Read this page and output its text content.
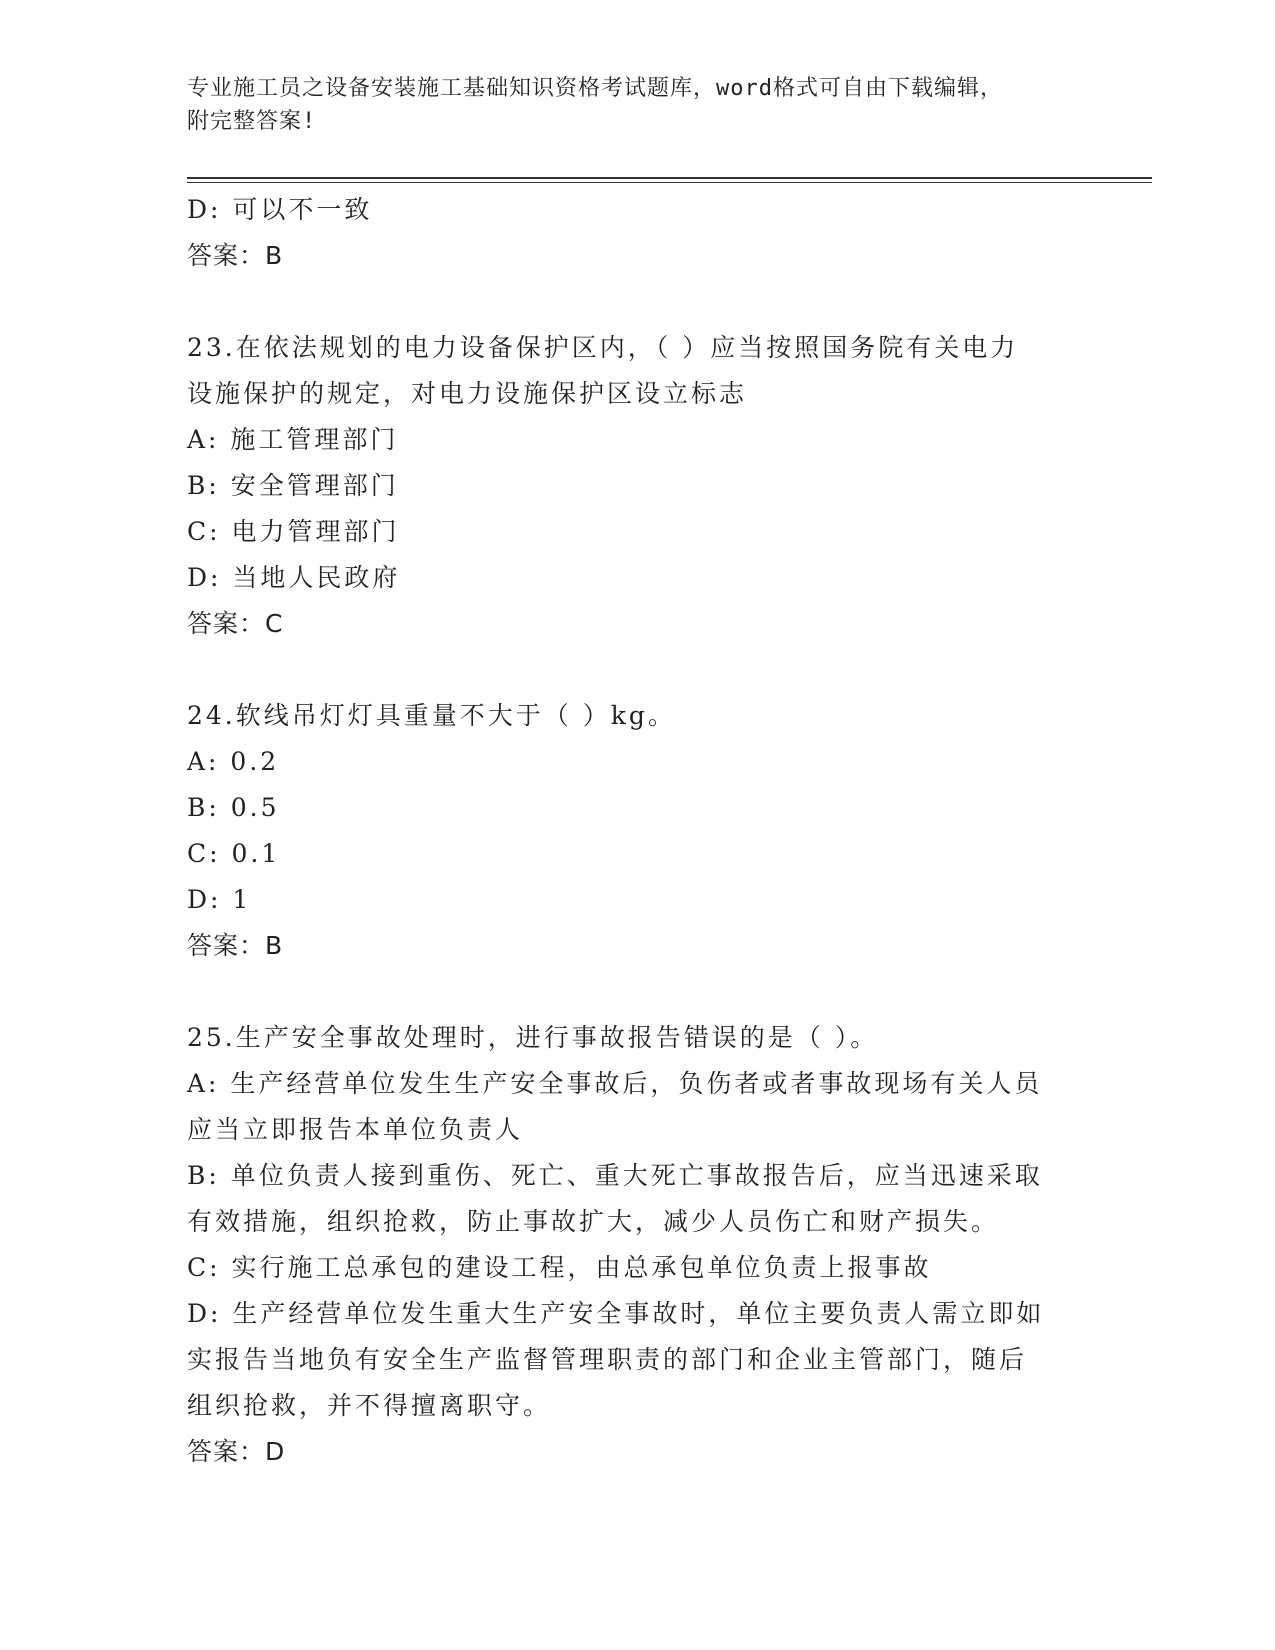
专业施工员之设备安装施工基础知识资格考试题库，word格式可自由下载编辑，
附完整答案!
D: 可以不一致
答案：B
23.在依法规划的电力设备保护区内，（ ）应当按照国务院有关电力
设施保护的规定，对电力设施保护区设立标志
A: 施工管理部门
B: 安全管理部门
C: 电力管理部门
D: 当地人民政府
答案：C
24.软线吊灯灯具重量不大于（ ）kg。
A: 0.2
B: 0.5
C: 0.1
D: 1
答案：B
25.生产安全事故处理时，进行事故报告错误的是（ ）。
A: 生产经营单位发生生产安全事故后，负伤者或者事故现场有关人员
应当立即报告本单位负责人
B: 单位负责人接到重伤、死亡、重大死亡事故报告后，应当迅速采取
有效措施，组织抢救，防止事故扩大，减少人员伤亡和财产损失。
C: 实行施工总承包的建设工程，由总承包单位负责上报事故
D: 生产经营单位发生重大生产安全事故时，单位主要负责人需立即如
实报告当地负有安全生产监督管理职责的部门和企业主管部门，随后
组织抢救，并不得擅离职守。
答案：D
